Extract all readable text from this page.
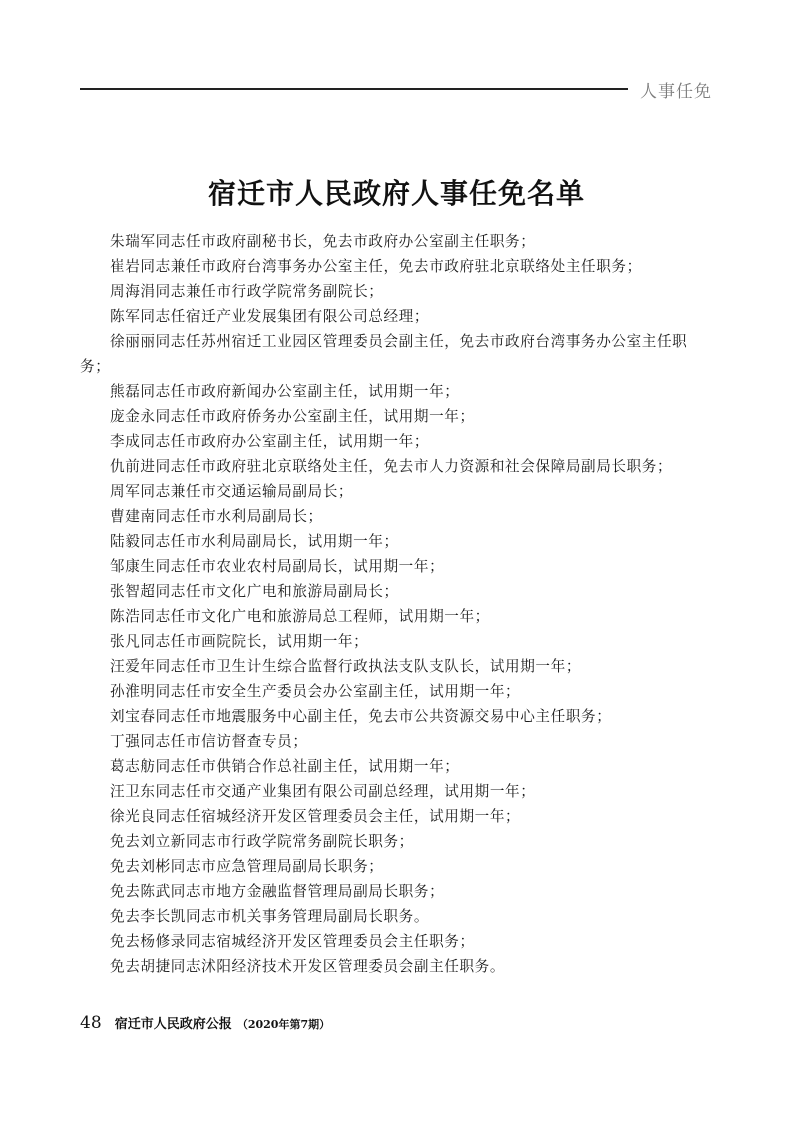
人事任免
宿迁市人民政府人事任免名单
朱瑞军同志任市政府副秘书长，免去市政府办公室副主任职务；
崔岩同志兼任市政府台湾事务办公室主任，免去市政府驻北京联络处主任职务；
周海涓同志兼任市行政学院常务副院长；
陈军同志任宿迁产业发展集团有限公司总经理；
徐丽丽同志任苏州宿迁工业园区管理委员会副主任，免去市政府台湾事务办公室主任职务；
熊磊同志任市政府新闻办公室副主任，试用期一年；
庞金永同志任市政府侨务办公室副主任，试用期一年；
李成同志任市政府办公室副主任，试用期一年；
仇前进同志任市政府驻北京联络处主任，免去市人力资源和社会保障局副局长职务；
周军同志兼任市交通运输局副局长；
曹建南同志任市水利局副局长；
陆毅同志任市水利局副局长，试用期一年；
邹康生同志任市农业农村局副局长，试用期一年；
张智超同志任市文化广电和旅游局副局长；
陈浩同志任市文化广电和旅游局总工程师，试用期一年；
张凡同志任市画院院长，试用期一年；
汪爱年同志任市卫生计生综合监督行政执法支队支队长，试用期一年；
孙淮明同志任市安全生产委员会办公室副主任，试用期一年；
刘宝春同志任市地震服务中心副主任，免去市公共资源交易中心主任职务；
丁强同志任市信访督查专员；
葛志舫同志任市供销合作总社副主任，试用期一年；
汪卫东同志任市交通产业集团有限公司副总经理，试用期一年；
徐光良同志任宿城经济开发区管理委员会主任，试用期一年；
免去刘立新同志市行政学院常务副院长职务；
免去刘彬同志市应急管理局副局长职务；
免去陈武同志市地方金融监督管理局副局长职务；
免去李长凯同志市机关事务管理局副局长职务。
免去杨修录同志宿城经济开发区管理委员会主任职务；
免去胡捷同志沭阳经济技术开发区管理委员会副主任职务。
48 宿迁市人民政府公报 （2020年第7期）
